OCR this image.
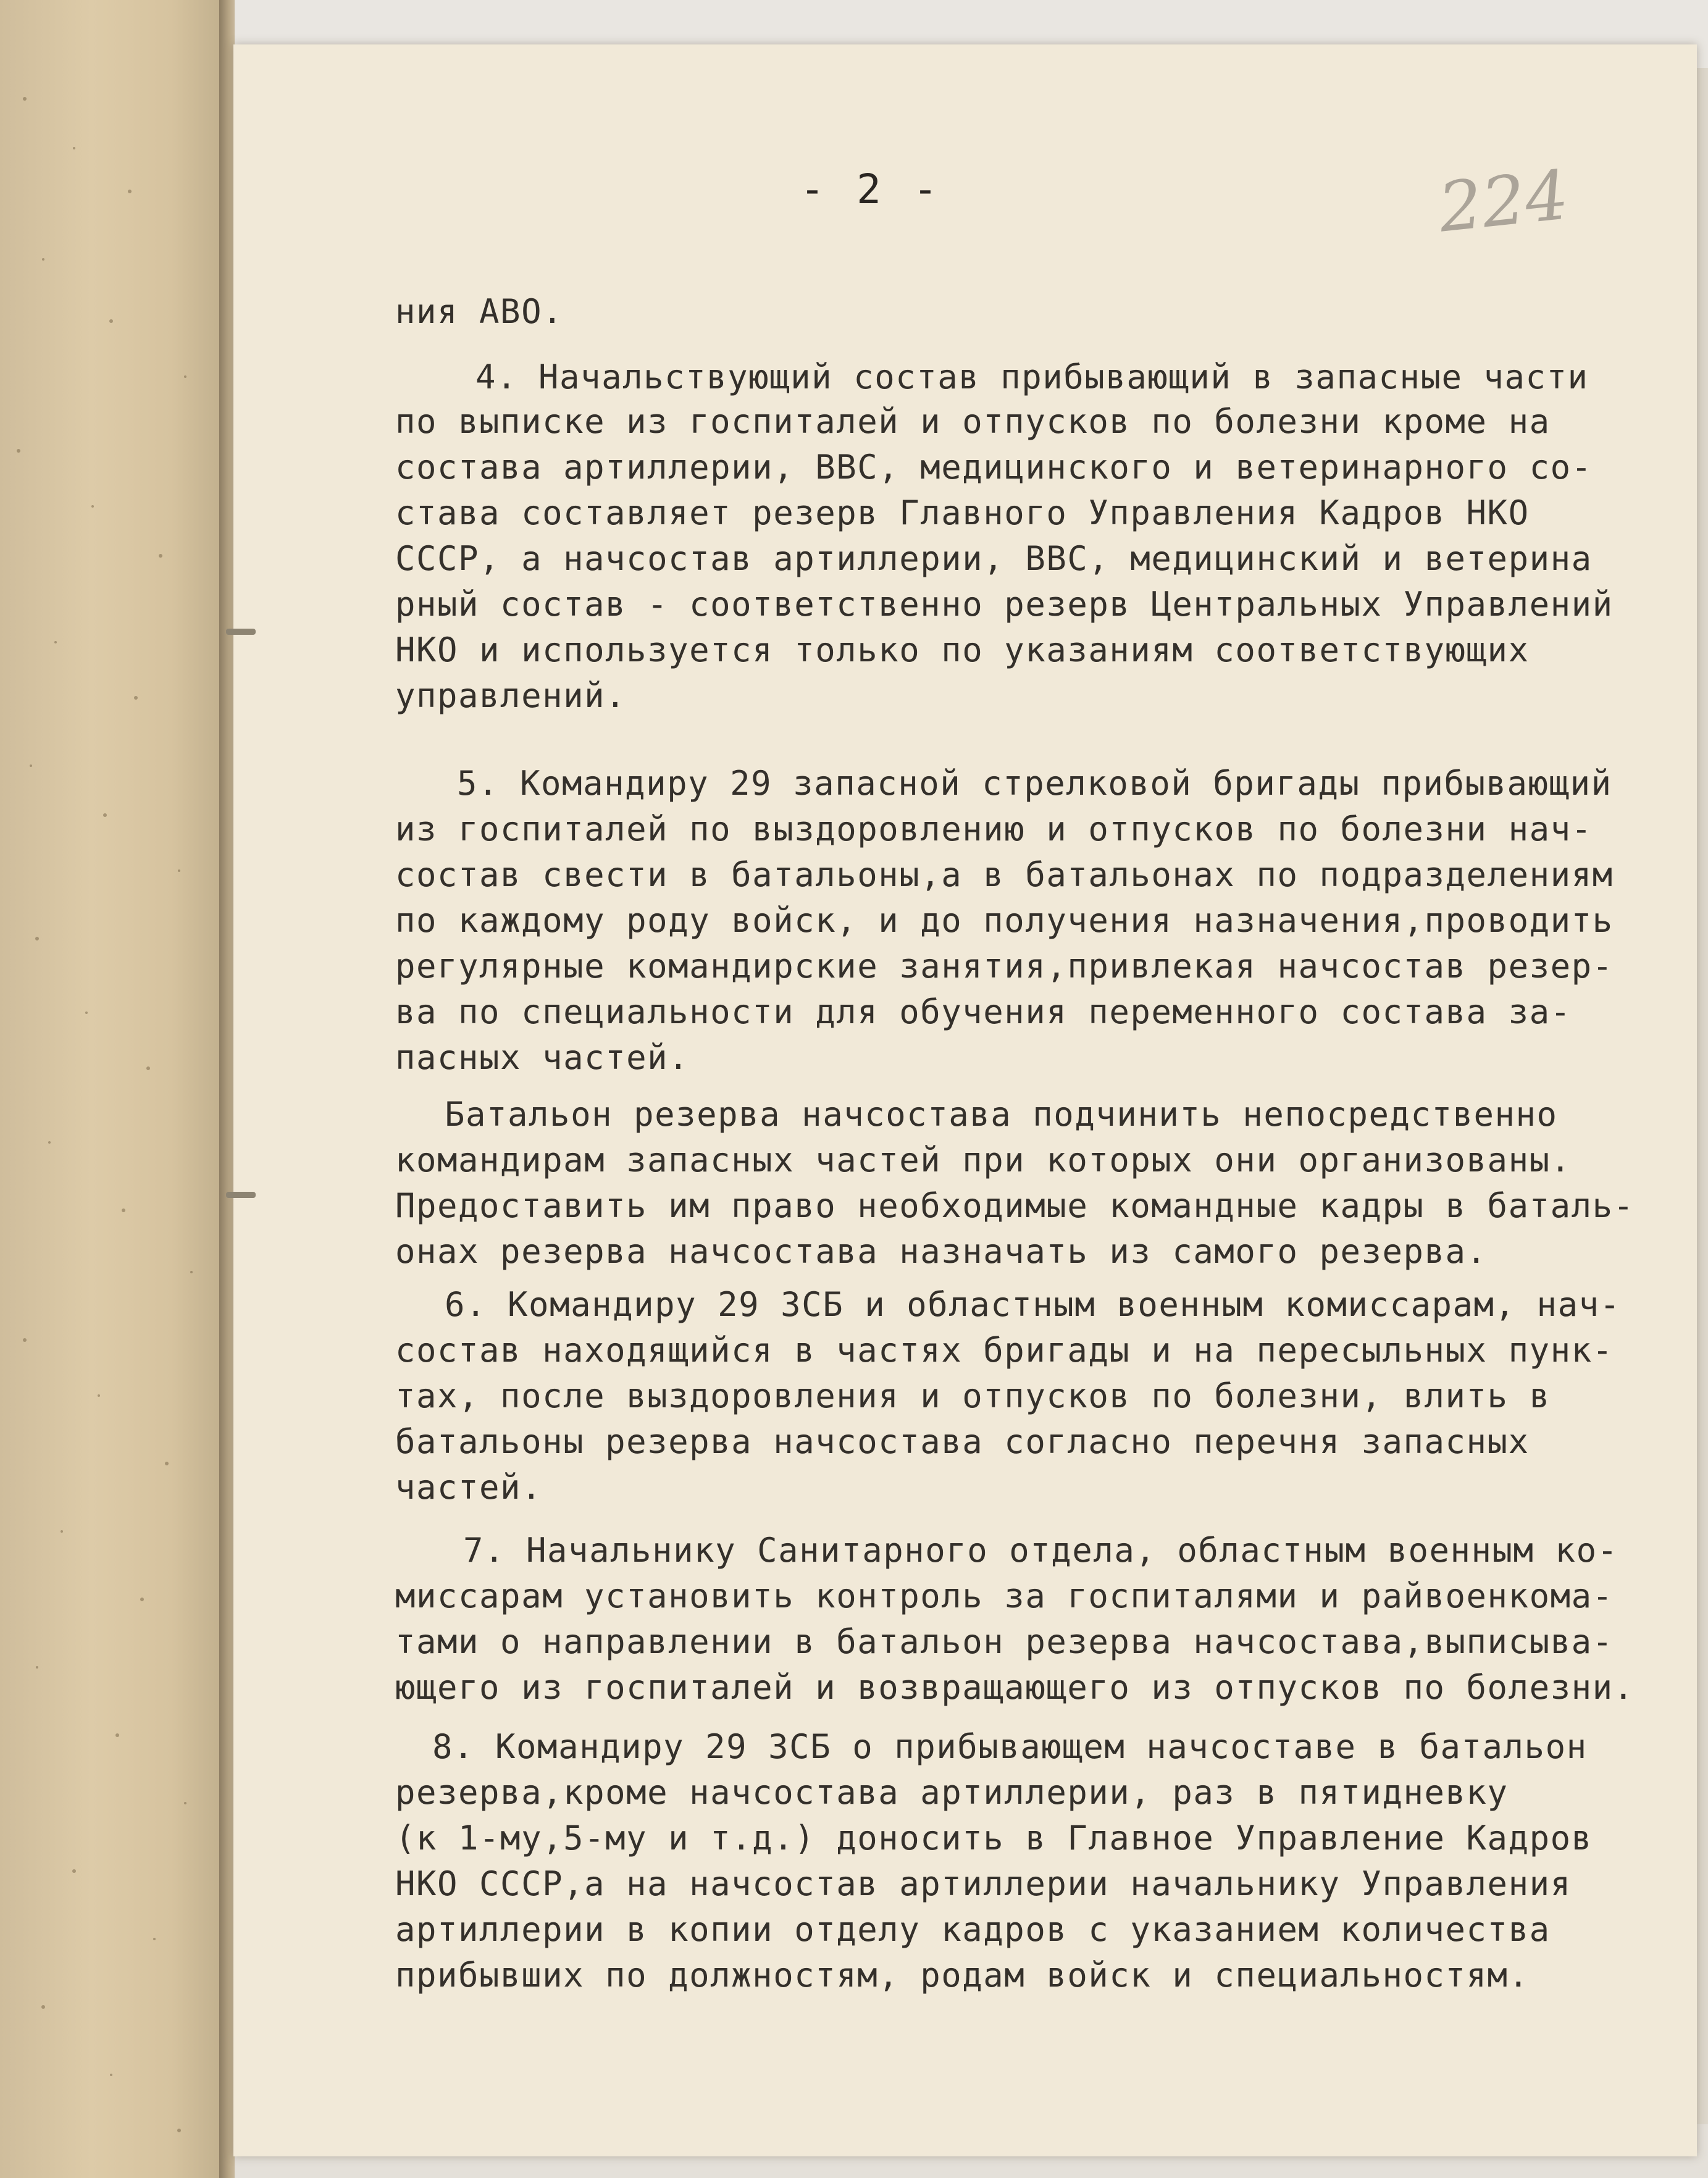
- 2 -	224
ния АВО.
4. Начальствующий состав прибывающий в запасные части
по выписке из госпиталей и отпусков по болезни кроме на
состава артиллерии, ВВС, медицинского и ветеринарного со-
става составляет резерв Главного Управления Кадров НКО
СССР, а начсостав артиллерии, ВВС, медицинский и ветерина
рный состав - соответственно резерв Центральных Управлений
НКО и используется только по указаниям соответствующих
управлений.
5. Командиру 29 запасной стрелковой бригады прибывающий
из госпиталей по выздоровлению и отпусков по болезни нач-
состав свести в батальоны,а в батальонах по подразделениям
по каждому роду войск, и до получения назначения,проводить
регулярные командирские занятия,привлекая начсостав резер-
ва по специальности для обучения переменного состава за-
пасных частей.
Батальон резерва начсостава подчинить непосредственно
командирам запасных частей при которых они организованы.
Предоставить им право необходимые командные кадры в баталь-
онах резерва начсостава назначать из самого резерва.
6. Командиру 29 ЗСБ и областным военным комиссарам, нач-
состав находящийся в частях бригады и на пересыльных пунк-
тах, после выздоровления и отпусков по болезни, влить в
батальоны резерва начсостава согласно перечня запасных
частей.
7. Начальнику Санитарного отдела, областным военным ко-
миссарам установить контроль за госпиталями и райвоенкома-
тами о направлении в батальон резерва начсостава,выписыва-
ющего из госпиталей и возвращающего из отпусков по болезни.
8. Командиру 29 ЗСБ о прибывающем начсоставе в батальон
резерва,кроме начсостава артиллерии, раз в пятидневку
(к 1-му,5-му и т.д.) доносить в Главное Управление Кадров
НКО СССР,а на начсостав артиллерии начальнику Управления
артиллерии в копии отделу кадров с указанием количества
прибывших по должностям, родам войск и специальностям.
